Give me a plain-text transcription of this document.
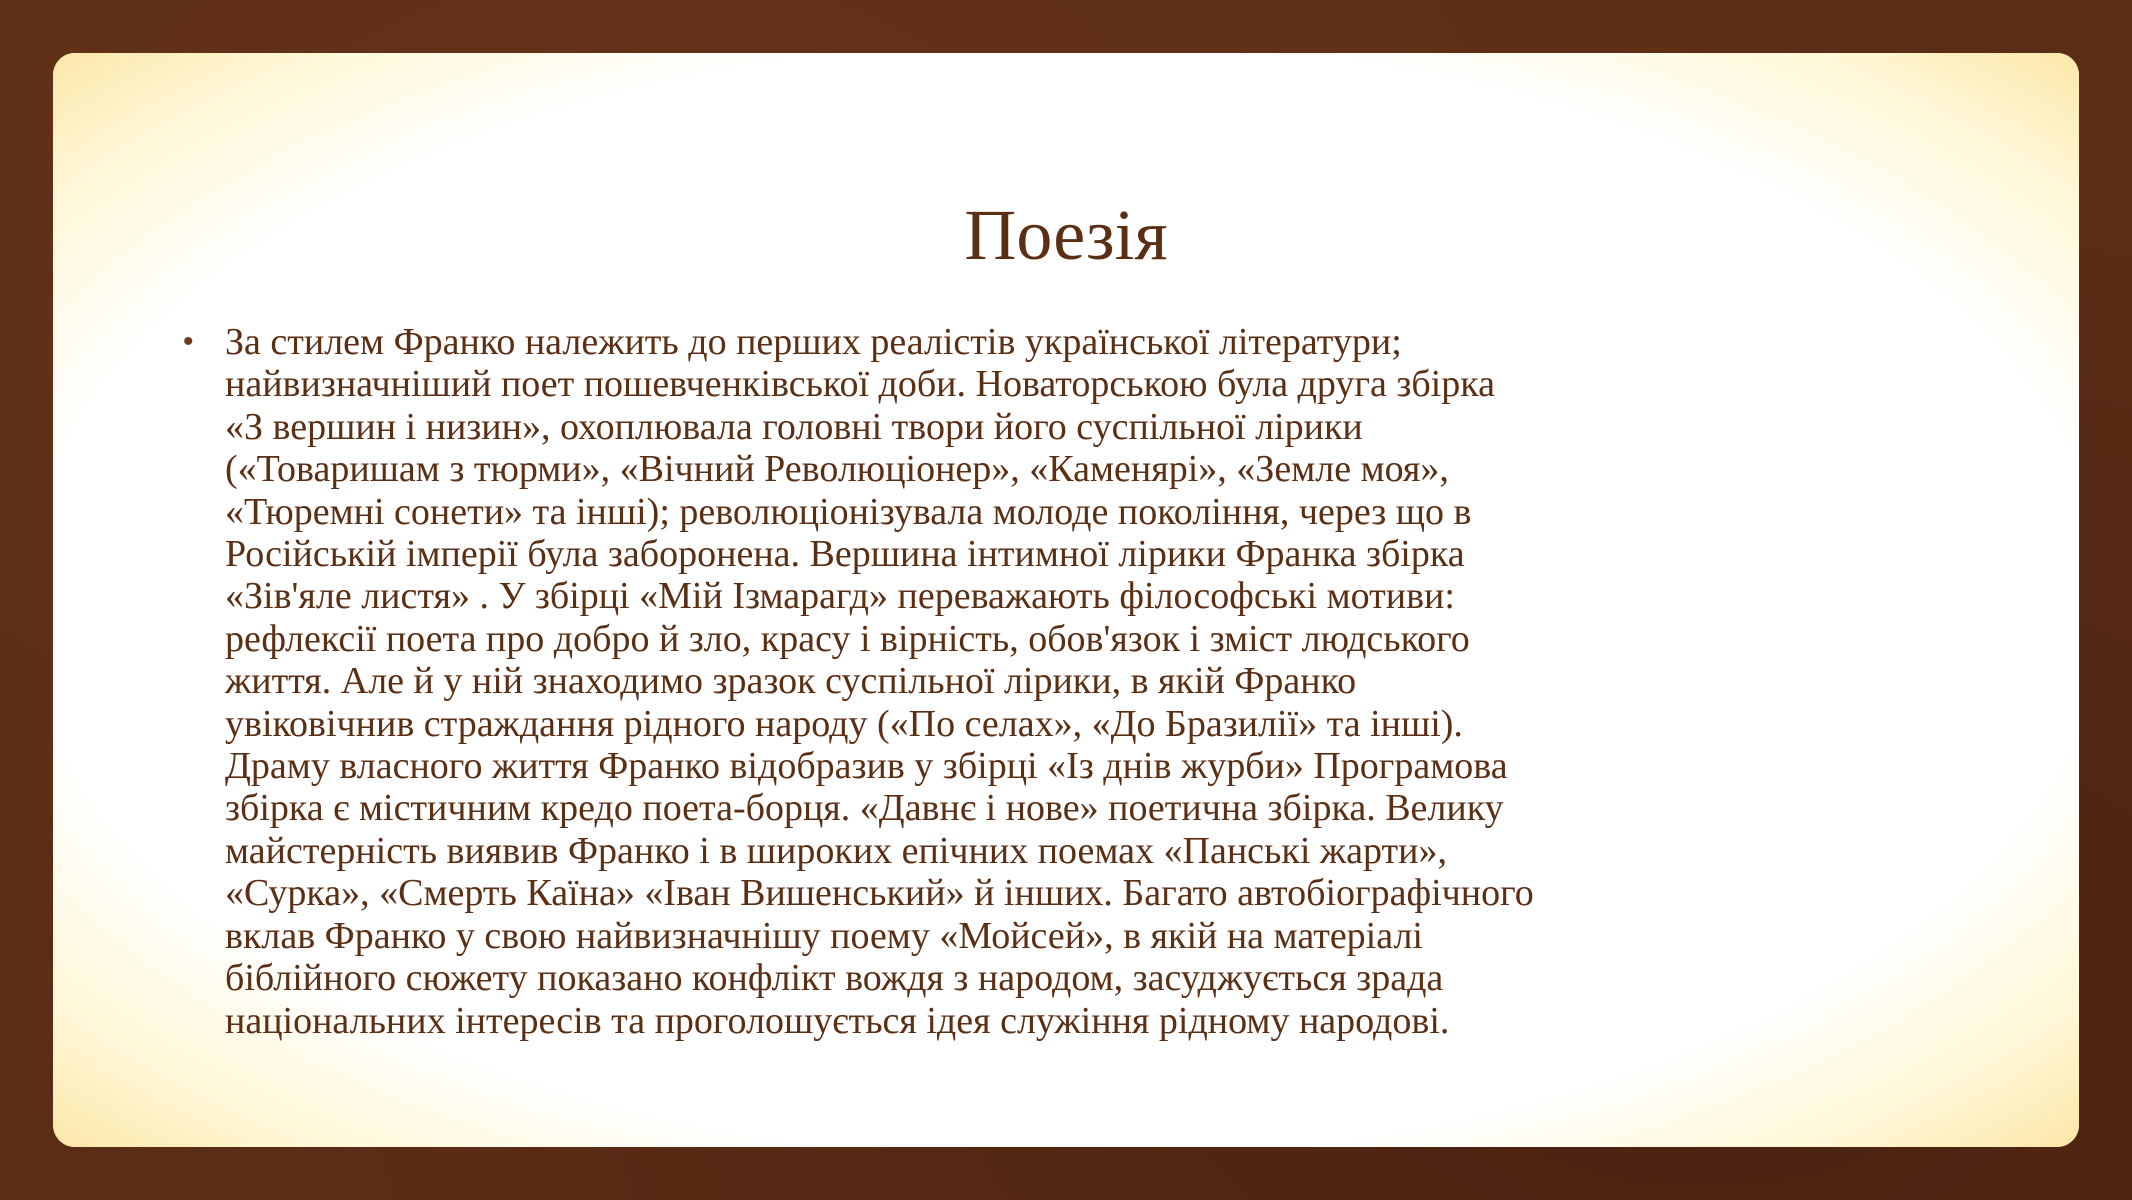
Поезія
• За стилем Франко належить до перших реалістів української літератури;
найвизначніший поет пошевченківської доби. Новаторською була друга збірка
«З вершин і низин», охоплювала головні твори його суспільної лірики
(«Товаришам з тюрми», «Вічний Революціонер», «Каменярі», «Земле моя»,
«Тюремні сонети» та інші); революціонізувала молоде покоління, через що в
Російській імперії була заборонена. Вершина інтимної лірики Франка збірка
«Зів'яле листя» . У збірці «Мій Ізмарагд» переважають філософські мотиви:
рефлексії поета про добро й зло, красу і вірність, обов'язок і зміст людського
життя. Але й у ній знаходимо зразок суспільної лірики, в якій Франко
увіковічнив страждання рідного народу («По селах», «До Бразилії» та інші).
Драму власного життя Франко відобразив у збірці «Із днів журби» Програмова
збірка є містичним кредо поета-борця. «Давнє і нове» поетична збірка. Велику
майстерність виявив Франко і в широких епічних поемах «Панські жарти»,
«Сурка», «Смерть Каїна» «Іван Вишенський» й інших. Багато автобіографічного
вклав Франко у свою найвизначнішу поему «Мойсей», в якій на матеріалі
біблійного сюжету показано конфлікт вождя з народом, засуджується зрада
національних інтересів та проголошується ідея служіння рідному народові.
